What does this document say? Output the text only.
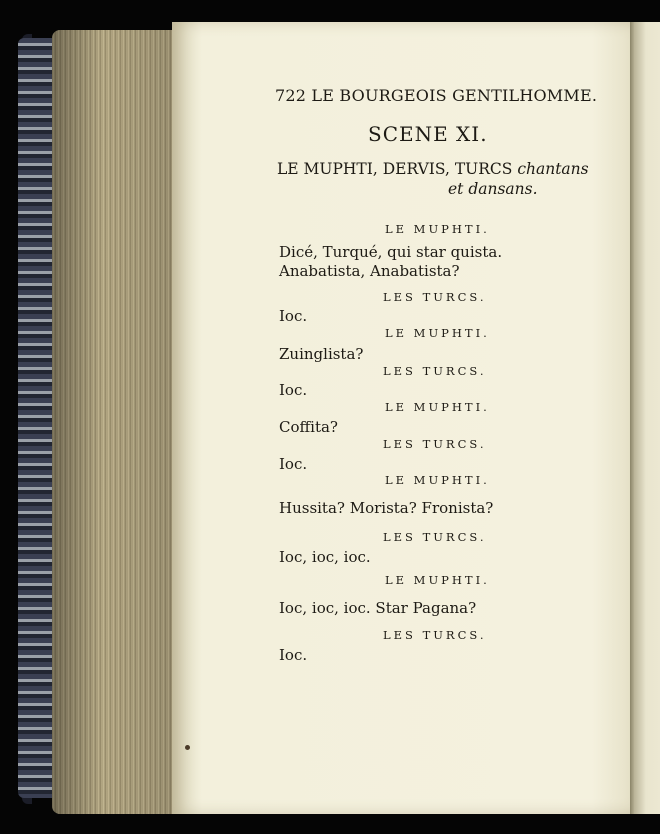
722 LE BOURGEOIS GENTILHOMME.
SCENE XI.
LE MUPHTI, DERVIS, TURCS chantans
et dansans.
LE MUPHTI.
Dicé, Turqué, qui star quista.
Anabatista, Anabatista?
LES TURCS.
Ioc.
LE MUPHTI.
Zuinglista?
LES TURCS.
Ioc.
LE MUPHTI.
Coffita?
LES TURCS.
Ioc.
LE MUPHTI.
Hussita? Morista? Fronista?
LES TURCS.
Ioc, ioc, ioc.
LE MUPHTI.
Ioc, ioc, ioc. Star Pagana?
LES TURCS.
Ioc.
